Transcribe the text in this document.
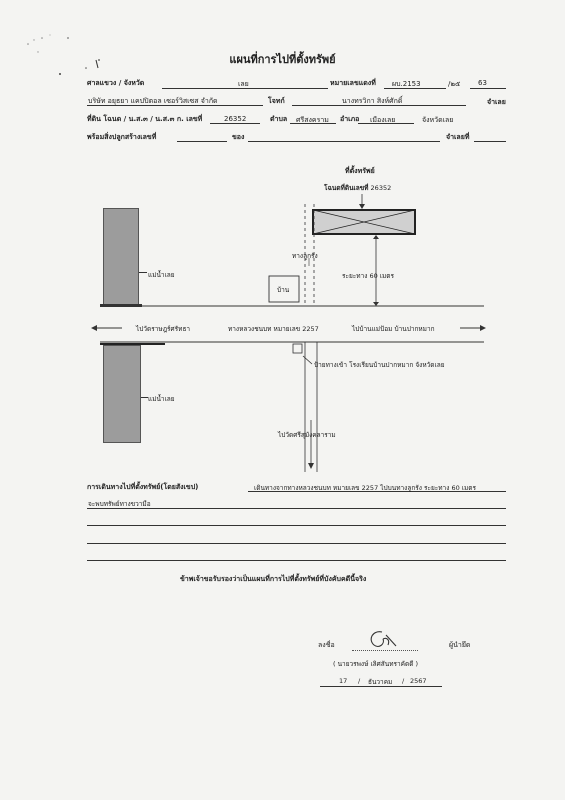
แผนที่การไปที่ตั้งทรัพย์
ศาลแขวง / จังหวัด	เลย	หมายเลขแดงที่ ผบ.2153	/๒๕	63
บริษัท อยุธยา แคปปิตอล เซอร์วิสเซส จำกัด	โจทก์	นางทรวิกา สิงห์ศักดิ์	จำเลย
ที่ดิน โฉนด / น.ส.๓ / น.ส.๓ ก. เลขที่	26352	ตำบล ศรีสงคราม อำเภอ เมืองเลย	จังหวัดเลย
พร้อมสิ่งปลูกสร้างเลขที่	ของ	จำเลยที่
ที่ตั้งทรัพย์
โฉนดที่ดินเลขที่ 26352
แม่น้ำเลย
แม่น้ำเลย
บ้าน
ทางลูกรัง
ระยะทาง 60 เมตร
ไปวัดราษฎร์ศรัทธา	ทางหลวงชนบท หมายเลข 2257	ไปบ้านแม่ป้อม บ้านปากหมาก
ป้ายทางเข้า โรงเรียนบ้านปากหมาก จังหวัดเลย
ไปวัดศรีสุมังคลาราม
การเดินทางไปที่ตั้งทรัพย์(โดยสังเขป)	เดินทางจากทางหลวงชนบท หมายเลข 2257 ไปบนทางลูกรัง ระยะทาง 60 เมตร
จะพบทรัพย์ทางขวามือ
ข้าพเจ้าขอรับรองว่าเป็นแผนที่การไปที่ตั้งทรัพย์ที่บังคับคดีนี้จริง
ลงชื่อ	ผู้นำยึด
( นายวรพงษ์ เลิศสันทราคัดดี )
17 / ธันวาคม / 2567
